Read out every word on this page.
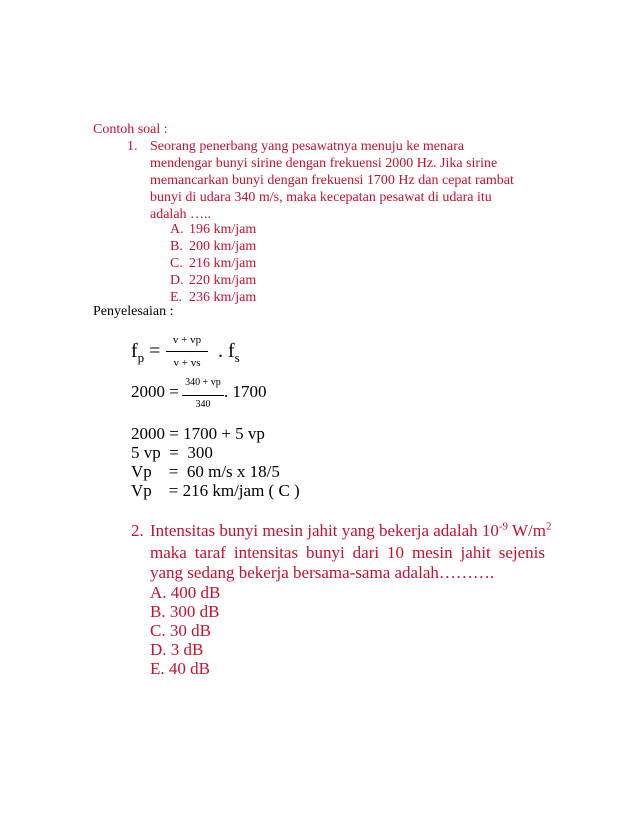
Contoh soal :
1. Seorang penerbang yang pesawatnya menuju ke menara
mendengar bunyi sirine dengan frekuensi 2000 Hz. Jika sirine
memancarkan bunyi dengan frekuensi 1700 Hz dan cepat rambat
bunyi di udara 340 m/s, maka kecepatan pesawat di udara itu
adalah …..
A. 196 km/jam
B. 200 km/jam
C. 216 km/jam
D. 220 km/jam
E. 236 km/jam
Penyelesaian :
$f_p$ =	v + vp
v + vs
. $f_s$
2000 = 340 + vp
340
. 1700
2000 = 1700 + 5 vp
5 vp  =  300
Vp    =  60 m/s x 18/5
Vp    = 216 km/jam ( C )
2. Intensitas bunyi mesin jahit yang bekerja adalah $10^{-9}$ $W/m^2$
maka taraf intensitas bunyi dari 10 mesin jahit sejenis
yang sedang bekerja bersama-sama adalah……….
A. 400 dB
B. 300 dB
C. 30 dB
D. 3 dB
E. 40 dB
